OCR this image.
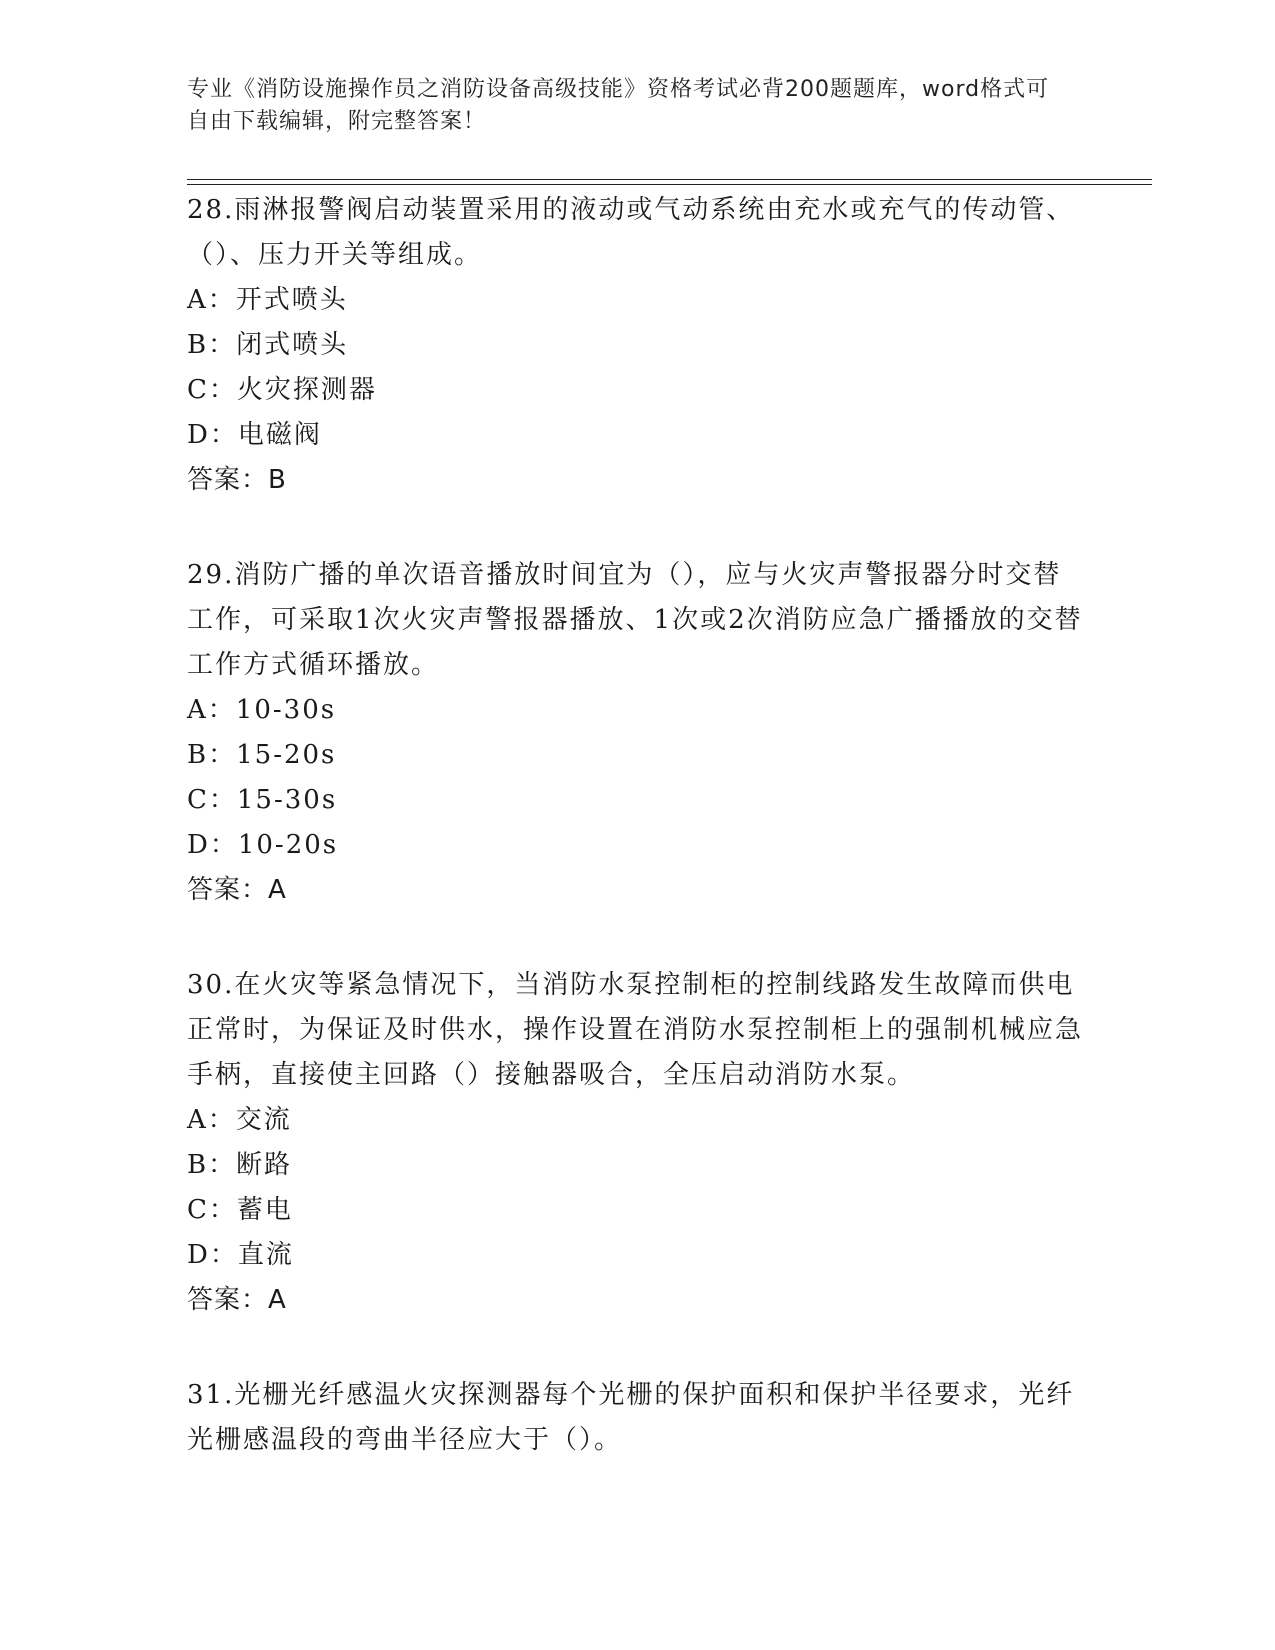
专业《消防设施操作员之消防设备高级技能》资格考试必背200题题库，word格式可自由下载编辑，附完整答案！
28.雨淋报警阀启动装置采用的液动或气动系统由充水或充气的传动管、（）、压力开关等组成。
A：开式喷头
B：闭式喷头
C：火灾探测器
D：电磁阀
答案：B
29.消防广播的单次语音播放时间宜为（），应与火灾声警报器分时交替工作，可采取1次火灾声警报器播放、1次或2次消防应急广播播放的交替工作方式循环播放。
A：10-30s
B：15-20s
C：15-30s
D：10-20s
答案：A
30.在火灾等紧急情况下，当消防水泵控制柜的控制线路发生故障而供电正常时，为保证及时供水，操作设置在消防水泵控制柜上的强制机械应急手柄，直接使主回路（）接触器吸合，全压启动消防水泵。
A：交流
B：断路
C：蓄电
D：直流
答案：A
31.光栅光纤感温火灾探测器每个光栅的保护面积和保护半径要求，光纤光栅感温段的弯曲半径应大于（）。
